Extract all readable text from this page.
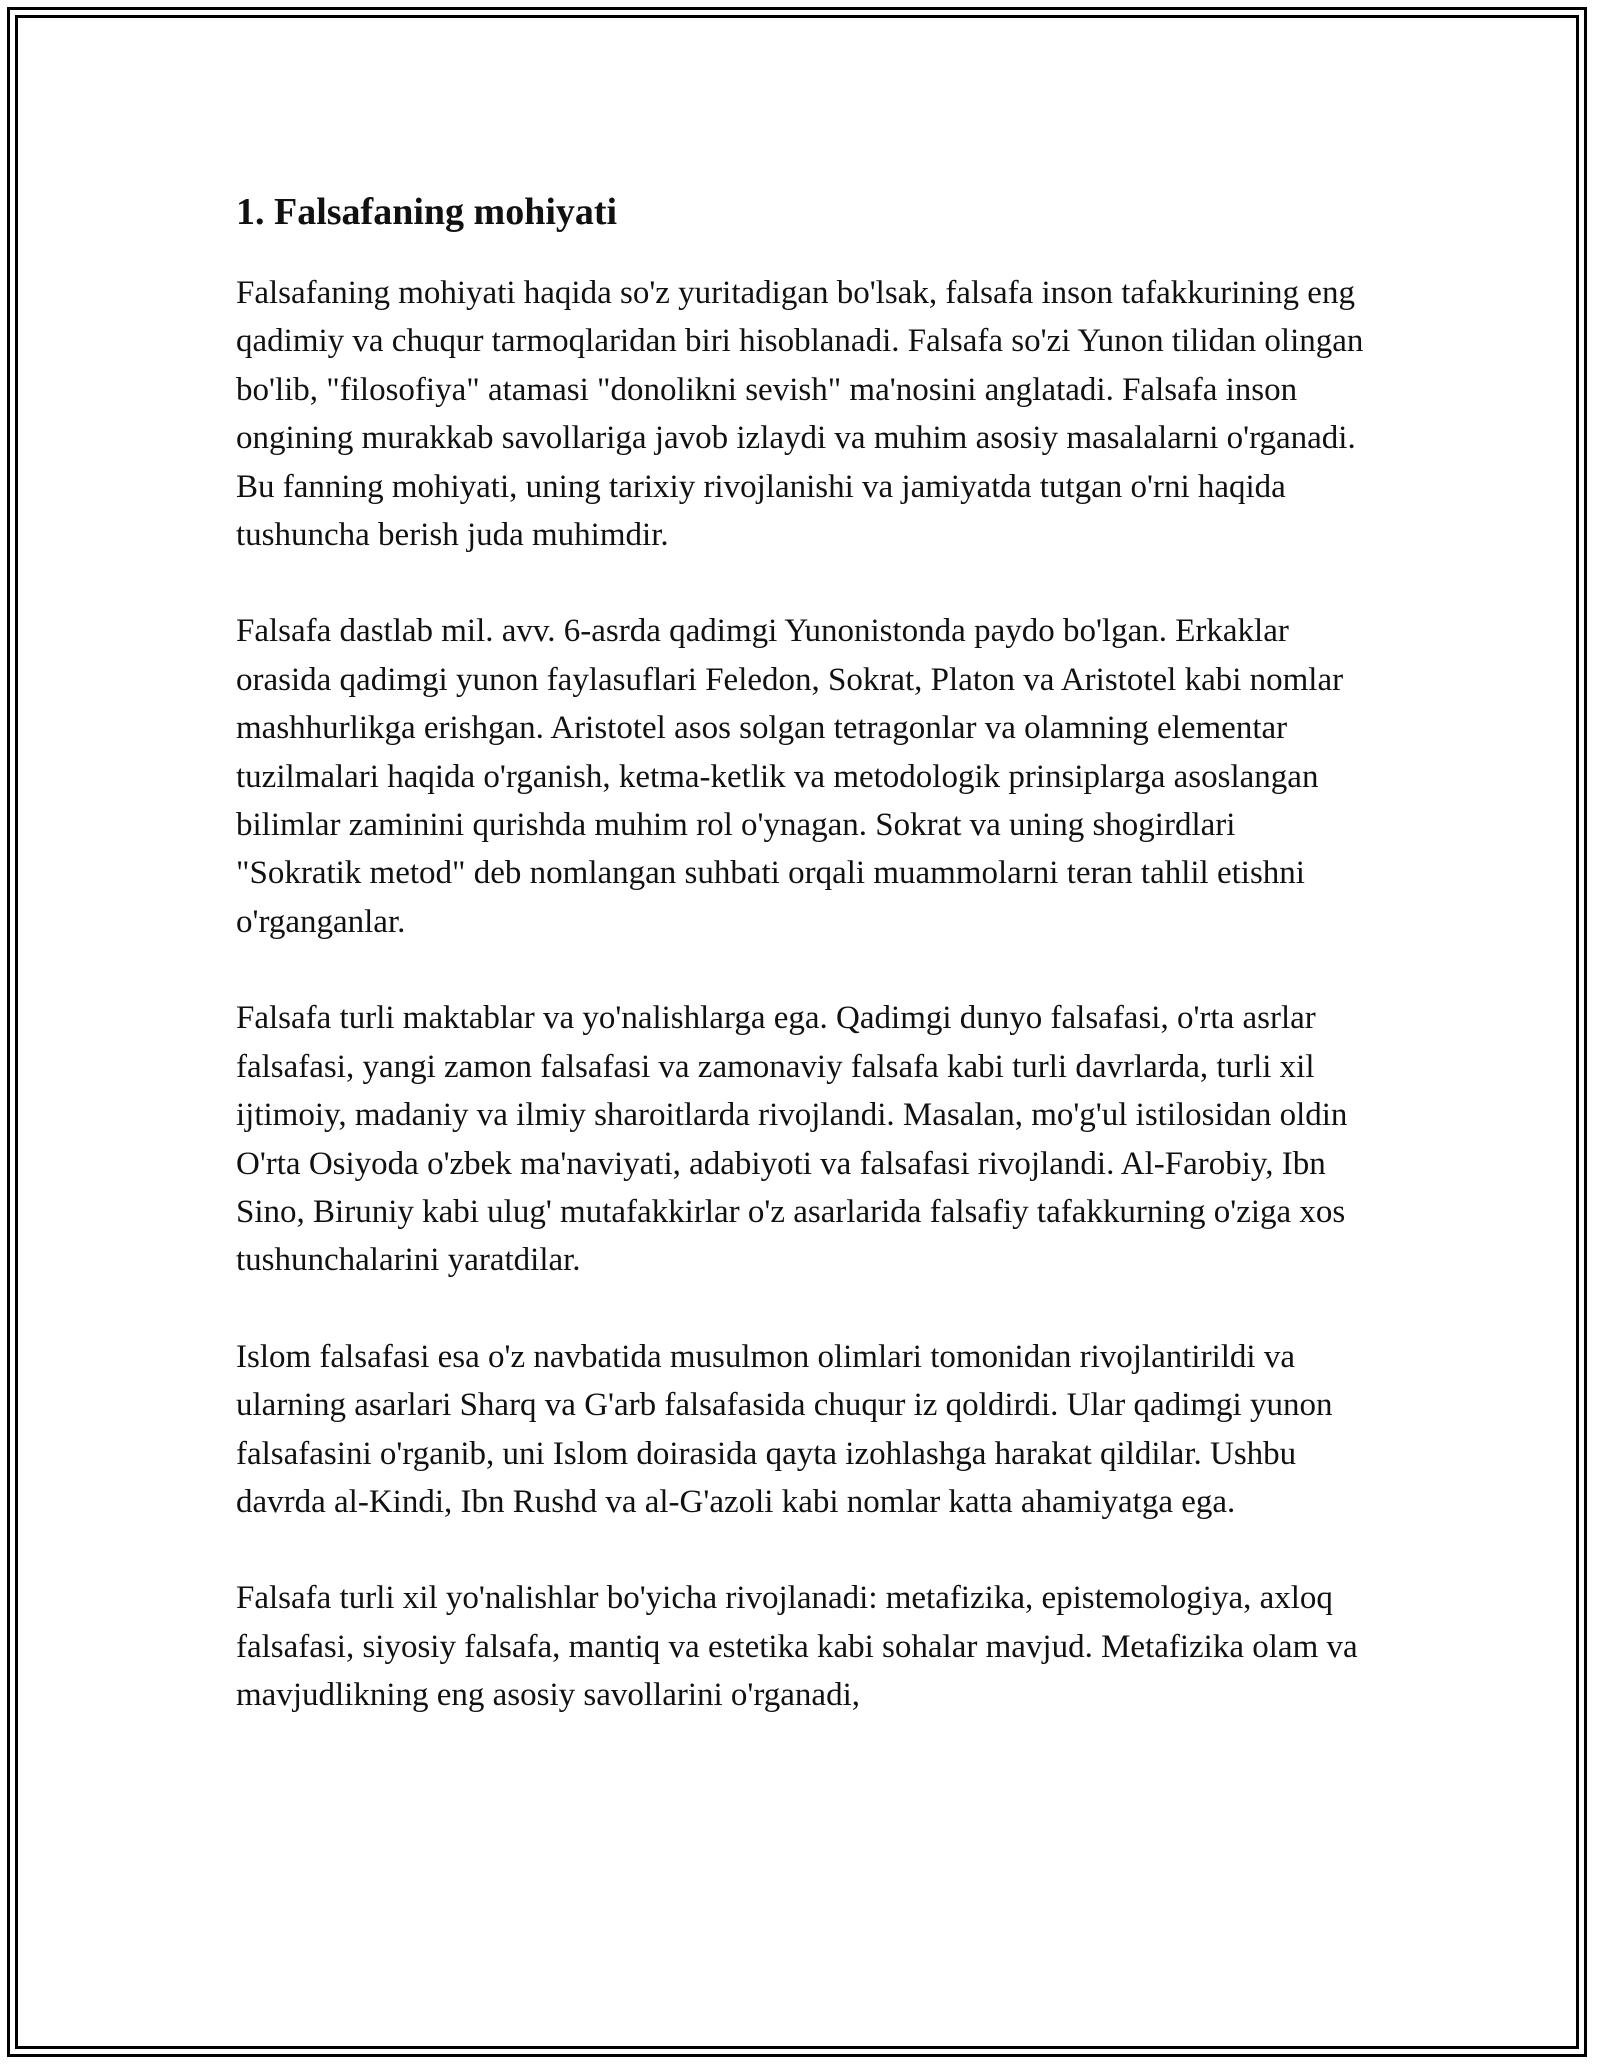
1. Falsafaning mohiyati

Falsafaning mohiyati haqida so'z yuritadigan bo'lsak, falsafa inson tafakkurining eng qadimiy va chuqur tarmoqlaridan biri hisoblanadi. Falsafa so'zi Yunon tilidan olingan bo'lib, "filosofiya" atamasi "donolikni sevish" ma'nosini anglatadi. Falsafa inson ongining murakkab savollariga javob izlaydi va muhim asosiy masalalarni o'rganadi. Bu fanning mohiyati, uning tarixiy rivojlanishi va jamiyatda tutgan o'rni haqida tushuncha berish juda muhimdir.

Falsafa dastlab mil. avv. 6-asrda qadimgi Yunonistonda paydo bo'lgan. Erkaklar orasida qadimgi yunon faylasuflari Feledon, Sokrat, Platon va Aristotel kabi nomlar mashhurlikga erishgan. Aristotel asos solgan tetragonlar va olamning elementar tuzilmalari haqida o'rganish, ketma-ketlik va metodologik prinsiplarga asoslangan bilimlar zaminini qurishda muhim rol o'ynagan. Sokrat va uning shogirdlari "Sokratik metod" deb nomlangan suhbati orqali muammolarni teran tahlil etishni o'rganganlar.

Falsafa turli maktablar va yo'nalishlarga ega. Qadimgi dunyo falsafasi, o'rta asrlar falsafasi, yangi zamon falsafasi va zamonaviy falsafa kabi turli davrlarda, turli xil ijtimoiy, madaniy va ilmiy sharoitlarda rivojlandi. Masalan, mo'g'ul istilosidan oldin O'rta Osiyoda o'zbek ma'naviyati, adabiyoti va falsafasi rivojlandi. Al-Farobiy, Ibn Sino, Biruniy kabi ulug' mutafakkirlar o'z asarlarida falsafiy tafakkurning o'ziga xos tushunchalarini yaratdilar.

Islom falsafasi esa o'z navbatida musulmon olimlari tomonidan rivojlantirildi va ularning asarlari Sharq va G'arb falsafasida chuqur iz qoldirdi. Ular qadimgi yunon falsafasini o'rganib, uni Islom doirasida qayta izohlashga harakat qildilar. Ushbu davrda al-Kindi, Ibn Rushd va al-G'azoli kabi nomlar katta ahamiyatga ega.

Falsafa turli xil yo'nalishlar bo'yicha rivojlanadi: metafizika, epistemologiya, axloq falsafasi, siyosiy falsafa, mantiq va estetika kabi sohalar mavjud. Metafizika olam va mavjudlikning eng asosiy savollarini o'rganadi,
